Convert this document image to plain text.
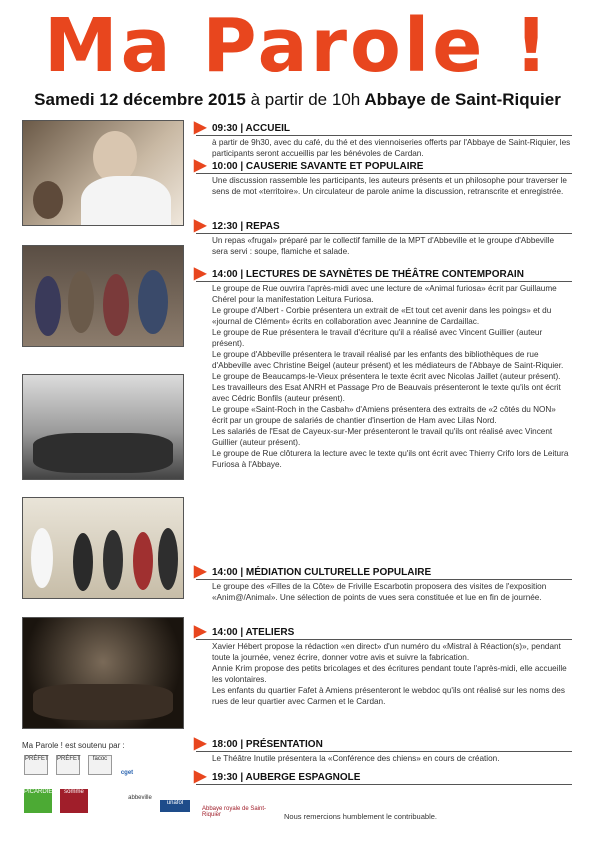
Ma Parole !
Samedi 12 décembre 2015 à partir de 10h Abbaye de Saint-Riquier
▶ 09:30 | ACCUEIL
à partir de 9h30, avec du café, du thé et des viennoiseries offerts par l'Abbaye de Saint-Riquier, les participants seront accueillis par les bénévoles de Cardan.
▶ 10:00 | CAUSERIE SAVANTE ET POPULAIRE
Une discussion rassemble les participants, les auteurs présents et un philosophe pour traverser le sens de mot «territoire». Un circulateur de parole anime la discussion, retranscrite et enregistrée.
▶ 12:30 | REPAS
Un repas «frugal» préparé par le collectif famille de la MPT d'Abbeville et le groupe d'Abbeville sera servi : soupe, flamiche et salade.
▶ 14:00 | LECTURES DE SAYNÈTES DE THÉÂTRE CONTEMPORAIN
Le groupe de Rue ouvrira l'après-midi avec une lecture de «Animal furiosa» écrit par Guillaume Chérel pour la manifestation Leitura Furiosa.
Le groupe d'Albert - Corbie présentera un extrait de «Et tout cet avenir dans les poings» et du «journal de Clément» écrits en collaboration avec Jeannine de Cardaillac.
Le groupe de Rue présentera le travail d'écriture qu'il a réalisé avec Vincent Guillier (auteur présent).
Le groupe d'Abbeville présentera le travail réalisé par les enfants des bibliothèques de rue d'Abbeville avec Christine Beigel (auteur présent) et les médiateurs de l'Abbaye de Saint-Riquier.
Le groupe de Beaucamps-le-Vieux présentera le texte écrit avec Nicolas Jaillet (auteur présent).
Les travailleurs des Esat ANRH et Passage Pro de Beauvais présenteront le texte qu'ils ont écrit avec Cédric Bonfils (auteur présent).
Le groupe «Saint-Roch in the Casbah» d'Amiens présentera des extraits de «2 côtés du NON» écrit par un groupe de salariés de chantier d'insertion de Ham avec Lilas Nord.
Les salariés de l'Esat de Cayeux-sur-Mer présenteront le travail qu'ils ont réalisé avec Vincent Guillier (auteur présent).
Le groupe de Rue clôturera la lecture avec le texte qu'ils ont écrit avec Thierry Crifo lors de Leitura Furiosa à l'Abbaye.
▶ 14:00 | MÉDIATION CULTURELLE POPULAIRE
Le groupe des «Filles de la Côte» de Friville Escarbotin proposera des visites de l'exposition «Anim@/Animal». Une sélection de points de vues sera constituée et lue en fin de journée.
▶ 14:00 | ATELIERS
Xavier Hébert propose la rédaction «en direct» d'un numéro du «Mistral à Réaction(s)», pendant toute la journée, venez écrire, donner votre avis et suivre la fabrication.
Annie Krim propose des petits bricolages et des écritures pendant toute l'après-midi, elle accueille les volontaires.
Les enfants du quartier Fafet à Amiens présenteront le webdoc qu'ils ont réalisé sur les noms des rues de leur quartier avec Carmen et le Cardan.
▶ 18:00 | PRÉSENTATION
Le Théâtre Inutile présentera la «Conférence des chiens» en cours de création.
▶ 19:30 | AUBERGE ESPAGNOLE
Ma Parole ! est soutenu par :
PRÉFET PRÉFET	facoc
cget
PICARDIE	somme
abbeville
unafol
Abbaye royale de Saint-Riquier	Nous remercions humblement le contribuable.
